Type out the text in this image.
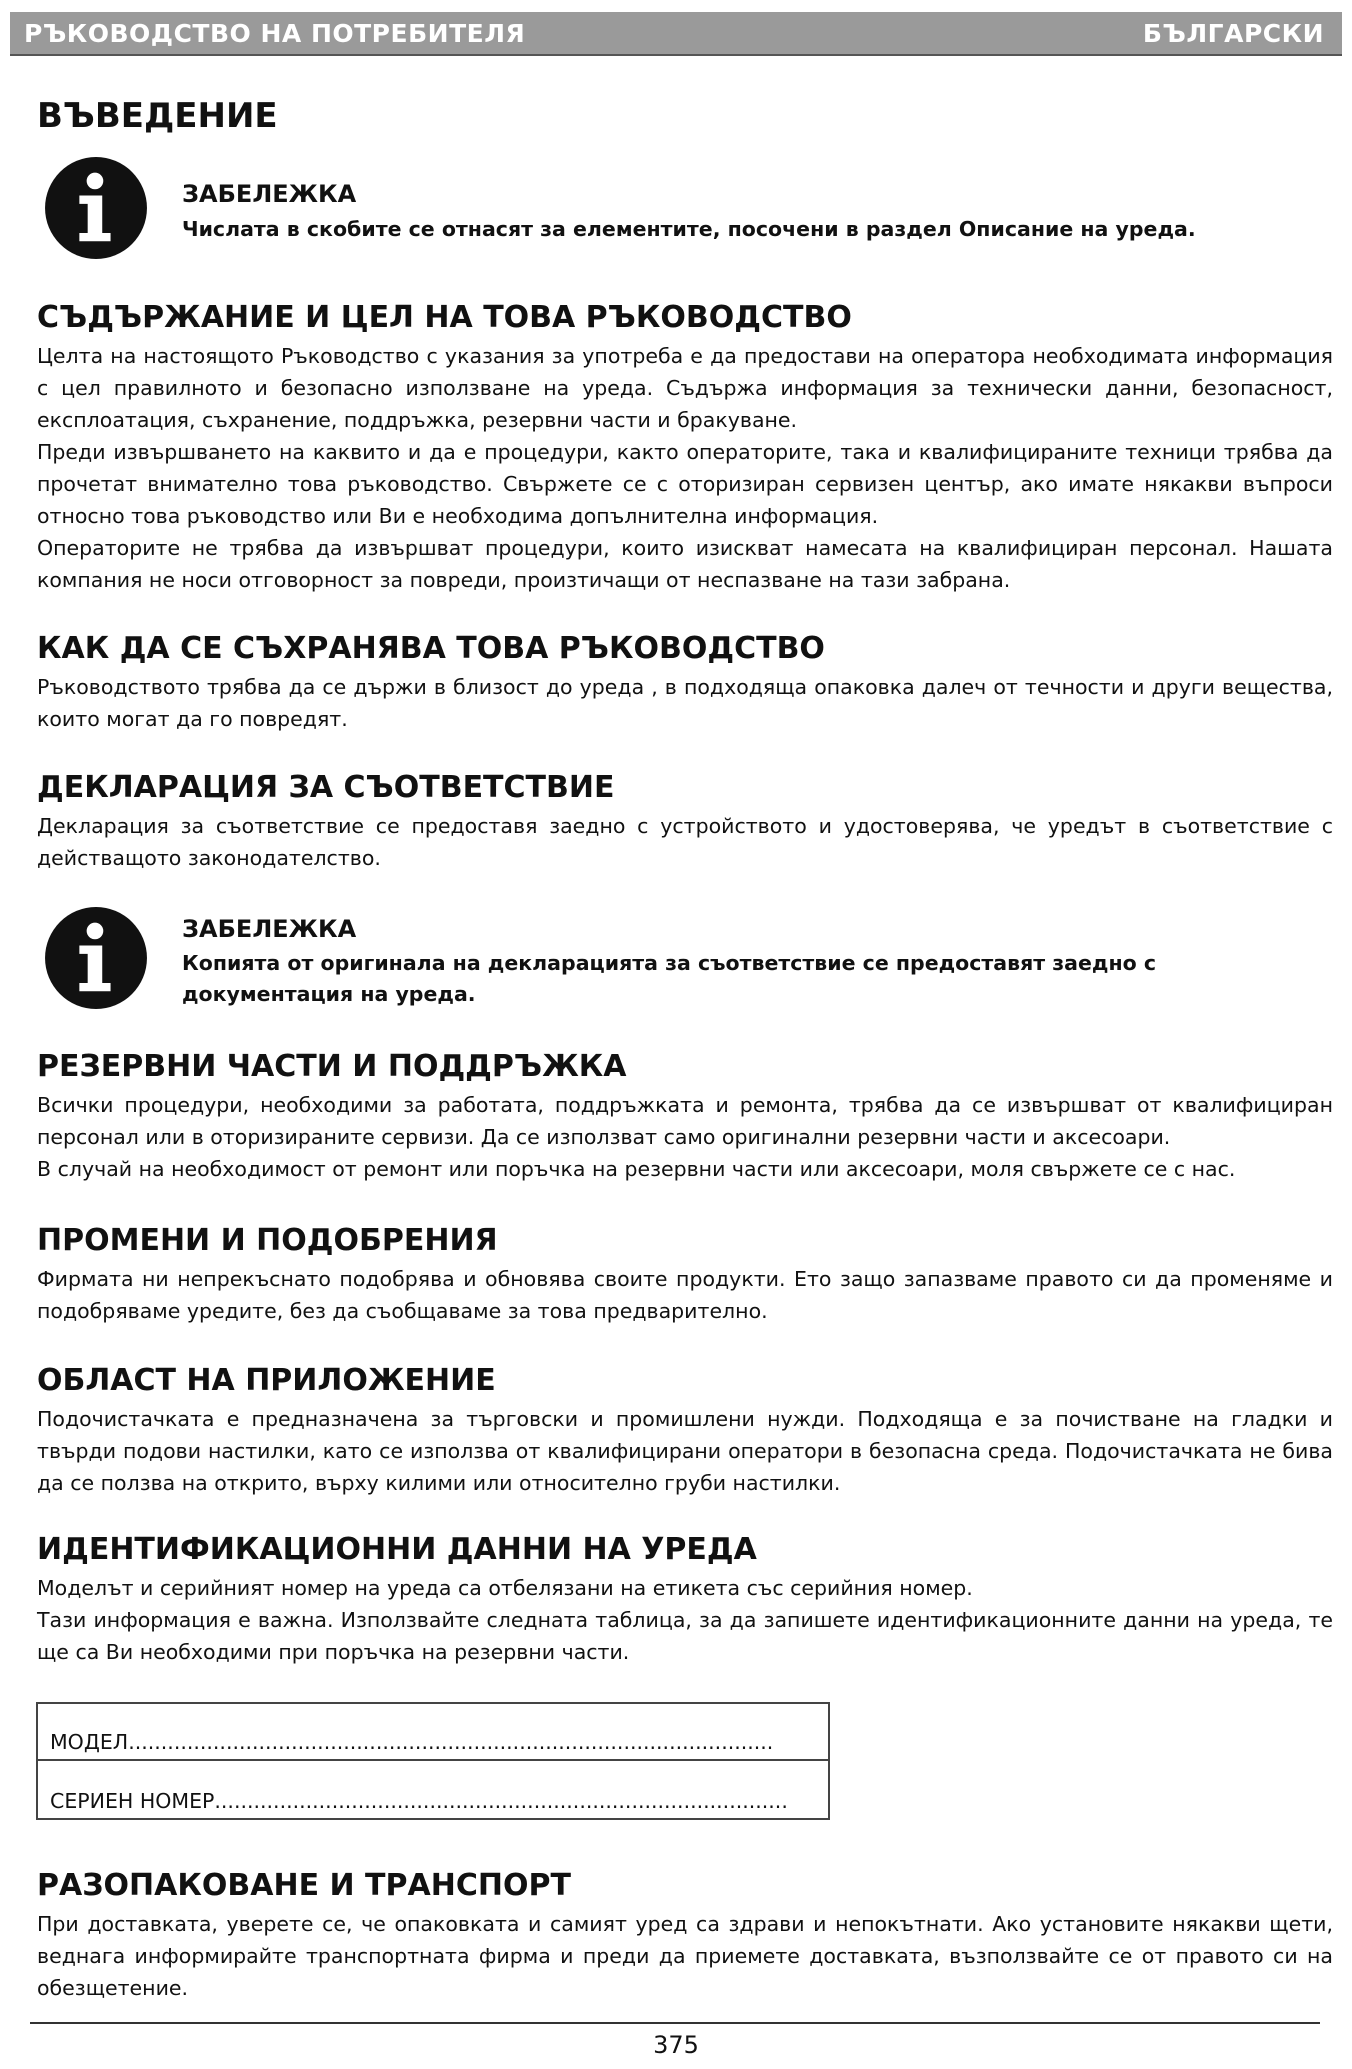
РЪКОВОДСТВО НА ПОТРЕБИТЕЛЯ	БЪЛГАРСКИ
ВЪВЕДЕНИЕ
ЗАБЕЛЕЖКА
Числата в скобите се отнасят за елементите, посочени в раздел Описание на уреда.
СЪДЪРЖАНИЕ И ЦЕЛ НА ТОВА РЪКОВОДСТВО

Целта на настоящото Ръководство с указания за употреба е да предостави на оператора необходимата информация с цел правилното и безопасно използване на уреда. Съдържа информация за технически данни, безопасност, експлоатация, съхранение, поддръжка, резервни части и бракуване.

Преди извършването на каквито и да е процедури, както операторите, така и квалифицираните техници трябва да прочетат внимателно това ръководство. Свържете се с оторизиран сервизен център, ако имате някакви въпроси относно това ръководство или Ви е необходима допълнителна информация.

Операторите не трябва да извършват процедури, които изискват намесата на квалифициран персонал. Нашата компания не носи отговорност за повреди, произтичащи от неспазване на тази забрана.

КАК ДА СЕ СЪХРАНЯВА ТОВА РЪКОВОДСТВО

Ръководството трябва да се държи в близост до уреда , в подходяща опаковка далеч от течности и други вещества, които могат да го повредят.

ДЕКЛАРАЦИЯ ЗА СЪОТВЕТСТВИЕ

Декларация за съответствие се предоставя заедно с устройството и удостоверява, че уредът в съответствие с действащото законодателство.

ЗАБЕЛЕЖКА
Копията от оригинала на декларацията за съответствие се предоставят заедно с документация на уреда.
РЕЗЕРВНИ ЧАСТИ И ПОДДРЪЖКА

Всички процедури, необходими за работата, поддръжката и ремонта, трябва да се извършват от квалифициран персонал или в оторизираните сервизи. Да се използват само оригинални резервни части и аксесоари.

В случай на необходимост от ремонт или поръчка на резервни части или аксесоари, моля свържете се с нас.

ПРОМЕНИ И ПОДОБРЕНИЯ

Фирмата ни непрекъснато подобрява и обновява своите продукти. Ето защо запазваме правото си да променяме и подобряваме уредите, без да съобщаваме за това предварително.

ОБЛАСТ НА ПРИЛОЖЕНИЕ

Подочистачката е предназначена за търговски и промишлени нужди. Подходяща е за почистване на гладки и твърди подови настилки, като се използва от квалифицирани оператори в безопасна среда. Подочистачката не бива да се ползва на открито, върху килими или относително груби настилки.

ИДЕНТИФИКАЦИОННИ ДАННИ НА УРЕДА

Моделът и серийният номер на уреда са отбелязани на етикета със серийния номер.

Тази информация е важна. Използвайте следната таблица, за да запишете идентификационните данни на уреда, те ще са Ви необходими при поръчка на резервни части.

МОДЕЛ...................................................................................................
СЕРИЕН НОМЕР........................................................................................
РАЗОПАКОВАНЕ И ТРАНСПОРТ

При доставката, уверете се, че опаковката и самият уред са здрави и непокътнати. Ако установите някакви щети, веднага информирайте транспортната фирма и преди да приемете доставката, възползвайте се от правото си на обезщетение.

375
